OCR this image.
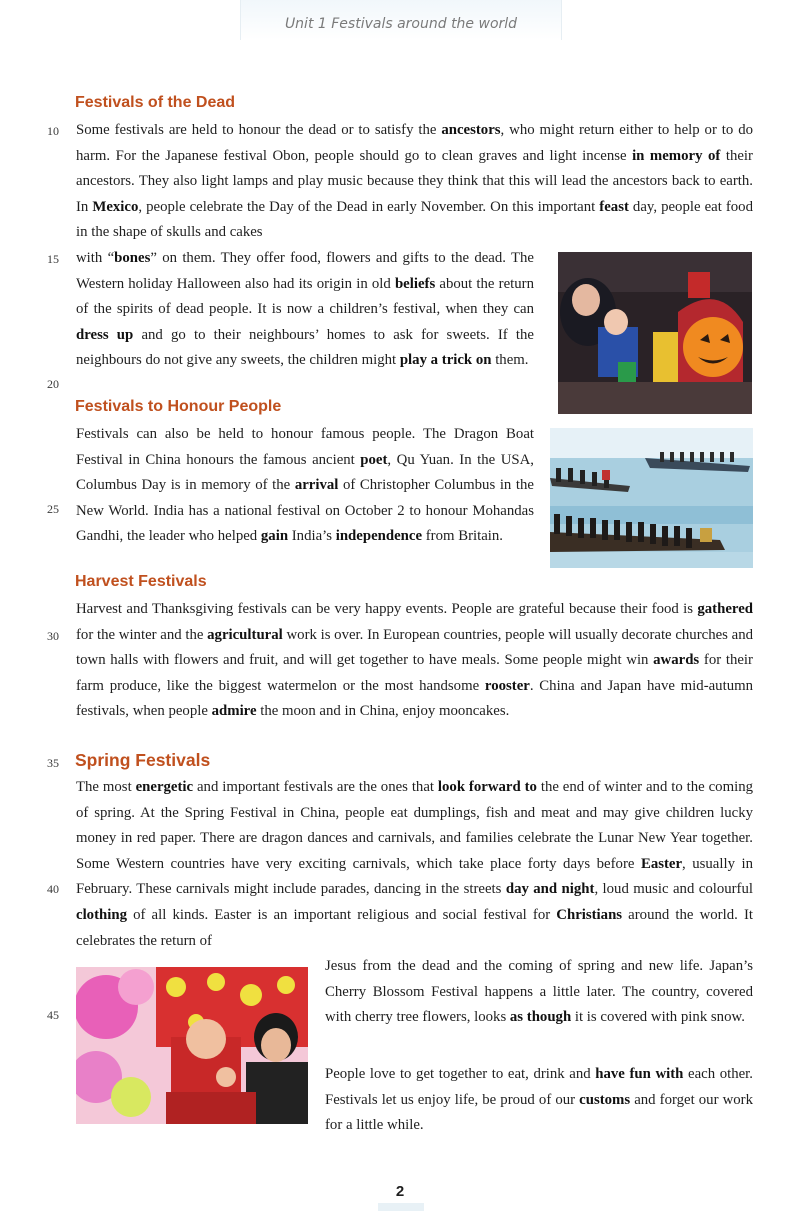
Unit 1 Festivals around the world
Festivals of the Dead

Some festivals are held to honour the dead or to satisfy the ancestors, who might return either to help or to do harm. For the Japanese festival Obon, people should go to clean graves and light incense in memory of their ancestors. They also light lamps and play music because they think that this will lead the ancestors back to earth. In Mexico, people celebrate the Day of the Dead in early November. On this important feast day, people eat food in the shape of skulls and cakes

with “bones” on them. They offer food, flowers and gifts to the dead. The Western holiday Halloween also had its origin in old beliefs about the return of the spirits of dead people. It is now a children’s festival, when they can dress up and go to their neighbours’ homes to ask for sweets. If the neighbours do not give any sweets, the children might play a trick on them.

Festivals to Honour People

Festivals can also be held to honour famous people. The Dragon Boat Festival in China honours the famous ancient poet, Qu Yuan. In the USA, Columbus Day is in memory of the arrival of Christopher Columbus in the New World. India has a national festival on October 2 to honour Mohandas Gandhi, the leader who helped gain India’s independence from Britain.

Harvest Festivals

Harvest and Thanksgiving festivals can be very happy events. People are grateful because their food is gathered for the winter and the agricultural work is over. In European countries, people will usually decorate churches and town halls with flowers and fruit, and will get together to have meals. Some people might win awards for their farm produce, like the biggest watermelon or the most handsome rooster. China and Japan have mid-autumn festivals, when people admire the moon and in China, enjoy mooncakes.

Spring Festivals

The most energetic and important festivals are the ones that look forward to the end of winter and to the coming of spring. At the Spring Festival in China, people eat dumplings, fish and meat and may give children lucky money in red paper. There are dragon dances and carnivals, and families celebrate the Lunar New Year together. Some Western countries have very exciting carnivals, which take place forty days before Easter, usually in February. These carnivals might include parades, dancing in the streets day and night, loud music and colourful clothing of all kinds. Easter is an important religious and social festival for Christians around the world. It celebrates the return of

Jesus from the dead and the coming of spring and new life. Japan’s Cherry Blossom Festival happens a little later. The country, covered with cherry tree flowers, looks as though it is covered with pink snow.

People love to get together to eat, drink and have fun with each other. Festivals let us enjoy life, be proud of our customs and forget our work for a little while.

10
15
20
25
30
35
40
45
2
